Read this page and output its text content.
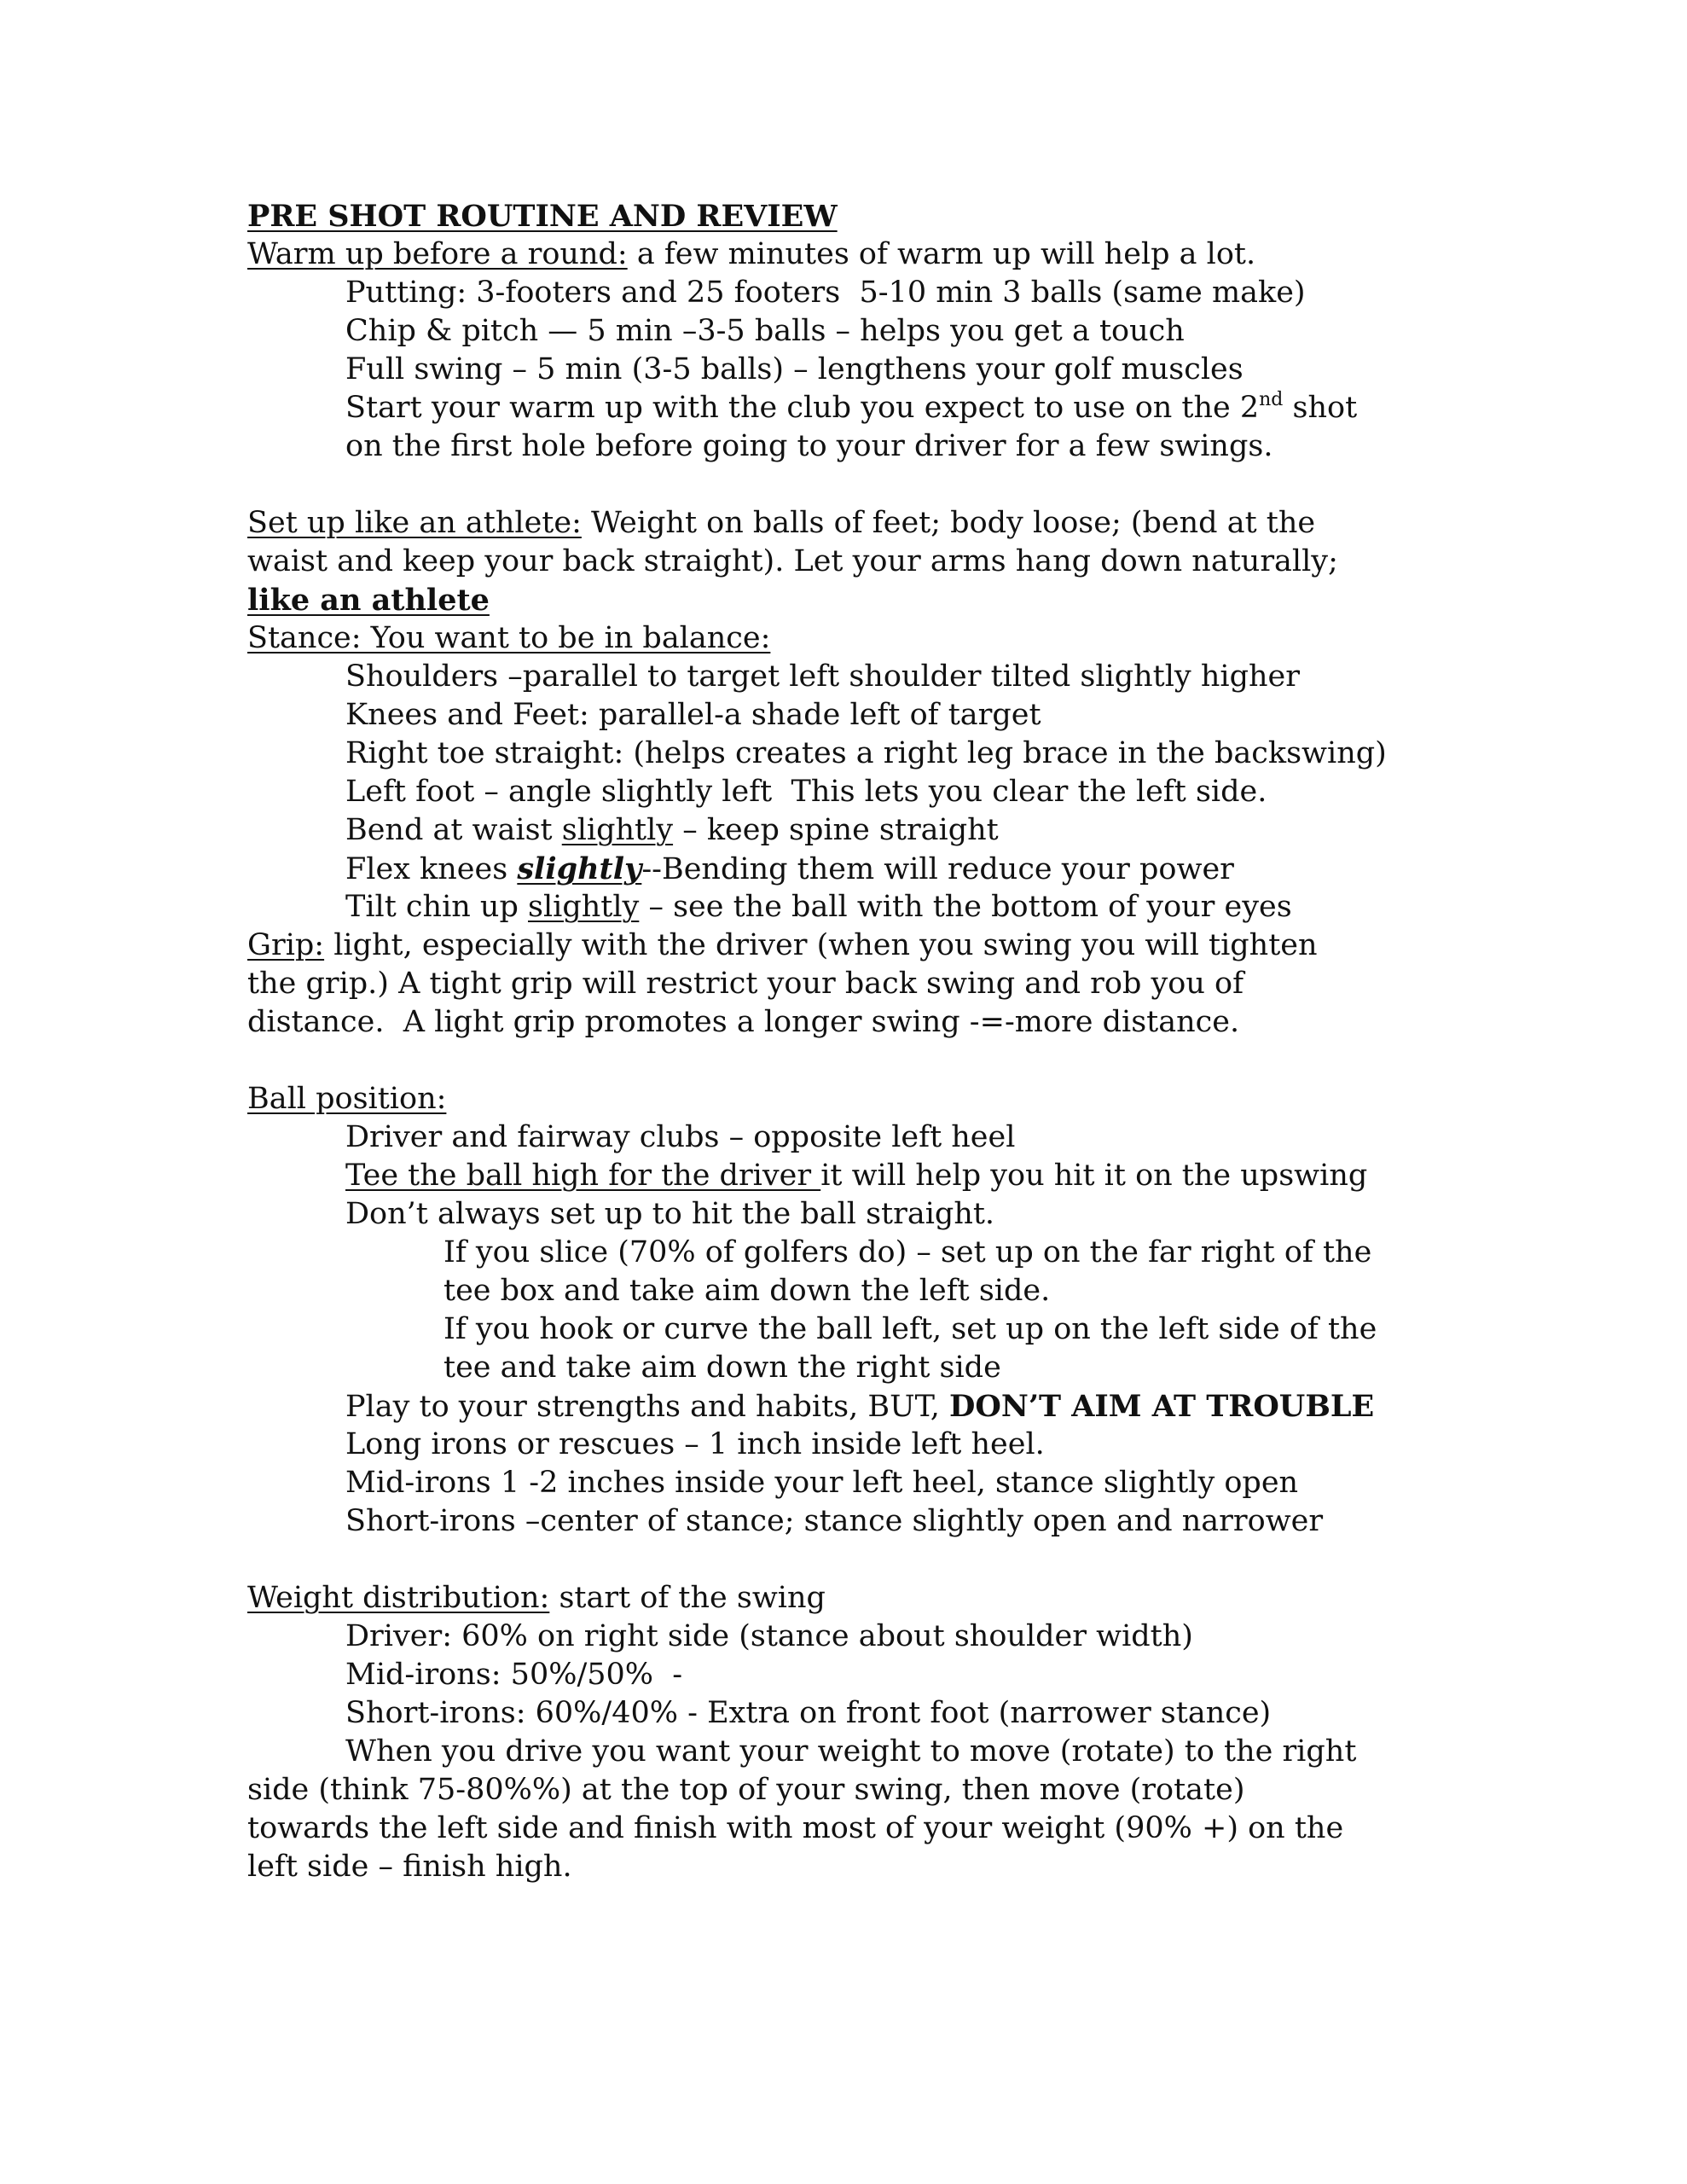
PRE SHOT ROUTINE AND REVIEW
Warm up before a round: a few minutes of warm up will help a lot.
Putting: 3-footers and 25 footers  5-10 min 3 balls (same make)
Chip & pitch — 5 min –3-5 balls – helps you get a touch
Full swing – 5 min (3-5 balls) – lengthens your golf muscles
Start your warm up with the club you expect to use on the 2nd shot
on the first hole before going to your driver for a few swings.
Set up like an athlete: Weight on balls of feet; body loose; (bend at the
waist and keep your back straight). Let your arms hang down naturally;
like an athlete
Stance: You want to be in balance:
Shoulders –parallel to target left shoulder tilted slightly higher
Knees and Feet: parallel-a shade left of target
Right toe straight: (helps creates a right leg brace in the backswing)
Left foot – angle slightly left  This lets you clear the left side.
Bend at waist slightly – keep spine straight
Flex knees slightly--Bending them will reduce your power
Tilt chin up slightly – see the ball with the bottom of your eyes
Grip: light, especially with the driver (when you swing you will tighten
the grip.) A tight grip will restrict your back swing and rob you of
distance.  A light grip promotes a longer swing -=-more distance.
Ball position:
Driver and fairway clubs – opposite left heel
Tee the ball high for the driver it will help you hit it on the upswing
Don’t always set up to hit the ball straight.
If you slice (70% of golfers do) – set up on the far right of the
tee box and take aim down the left side.
If you hook or curve the ball left, set up on the left side of the
tee and take aim down the right side
Play to your strengths and habits, BUT, DON’T AIM AT TROUBLE
Long irons or rescues – 1 inch inside left heel.
Mid-irons 1 -2 inches inside your left heel, stance slightly open
Short-irons –center of stance; stance slightly open and narrower
Weight distribution: start of the swing
Driver: 60% on right side (stance about shoulder width)
Mid-irons: 50%/50%  -
Short-irons: 60%/40% - Extra on front foot (narrower stance)
When you drive you want your weight to move (rotate) to the right
side (think 75-80%%) at the top of your swing, then move (rotate)
towards the left side and finish with most of your weight (90% +) on the
left side – finish high.
